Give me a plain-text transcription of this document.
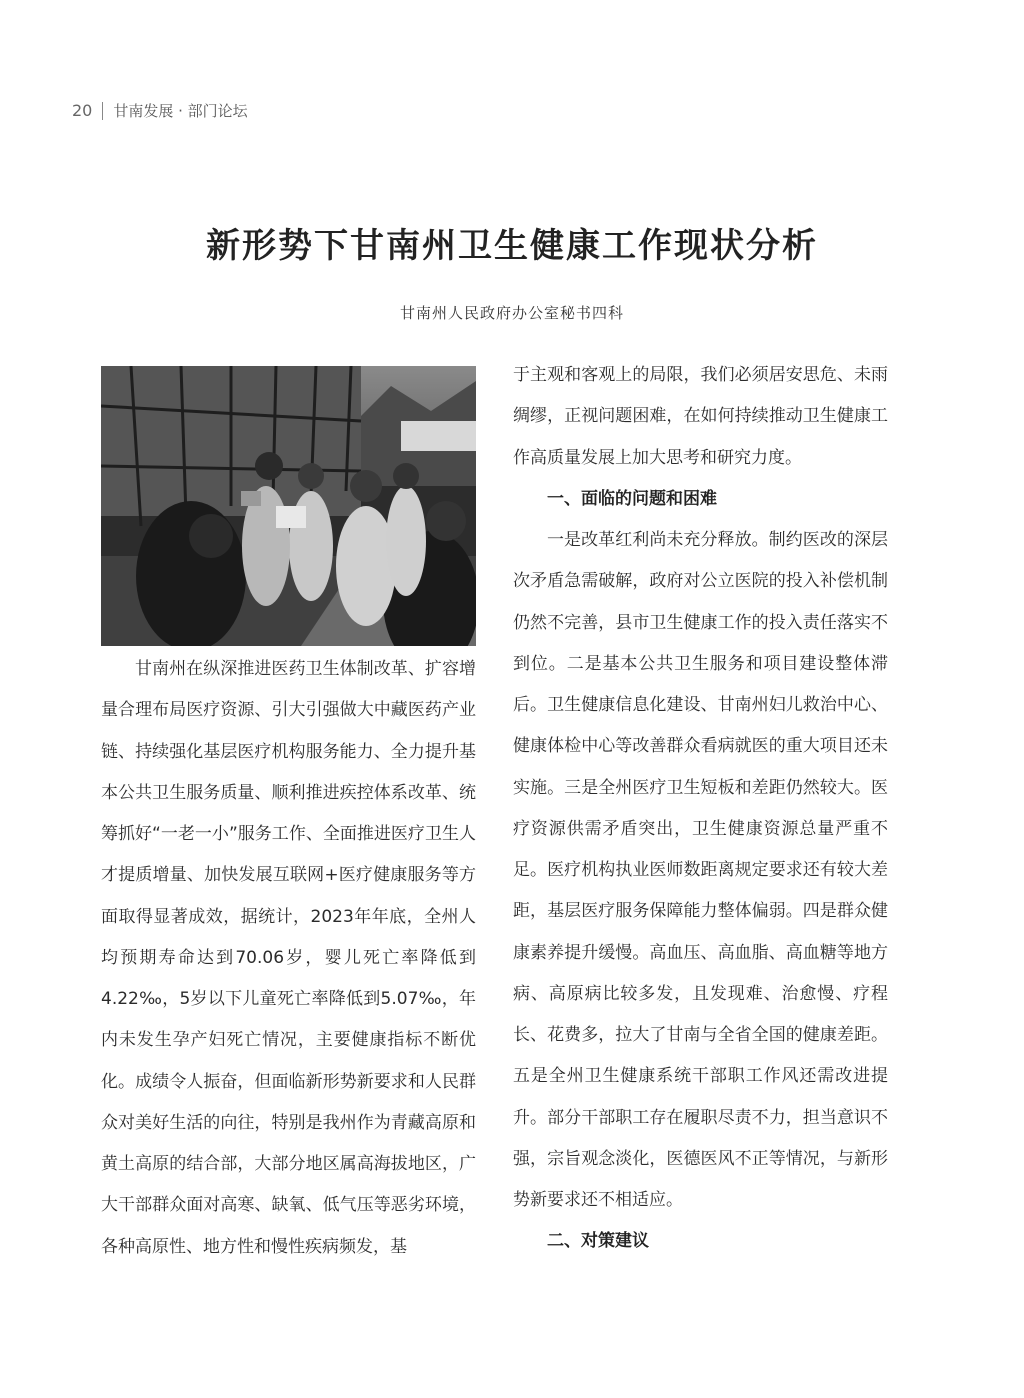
20 甘南发展 · 部门论坛
新形势下甘南州卫生健康工作现状分析
甘南州人民政府办公室秘书四科

甘南州在纵深推进医药卫生体制改革、扩容增量合理布局医疗资源、引大引强做大中藏医药产业链、持续强化基层医疗机构服务能力、全力提升基本公共卫生服务质量、顺利推进疾控体系改革、统筹抓好“一老一小”服务工作、全面推进医疗卫生人才提质增量、加快发展互联网+医疗健康服务等方面取得显著成效，据统计，2023年年底，全州人均预期寿命达到70.06岁，婴儿死亡率降低到4.22‰，5岁以下儿童死亡率降低到5.07‰，年内未发生孕产妇死亡情况，主要健康指标不断优化。成绩令人振奋，但面临新形势新要求和人民群众对美好生活的向往，特别是我州作为青藏高原和黄土高原的结合部，大部分地区属高海拔地区，广大干部群众面对高寒、缺氧、低气压等恶劣环境，各种高原性、地方性和慢性疾病频发，基

于主观和客观上的局限，我们必须居安思危、未雨绸缪，正视问题困难，在如何持续推动卫生健康工作高质量发展上加大思考和研究力度。

一、面临的问题和困难

一是改革红利尚未充分释放。制约医改的深层次矛盾急需破解，政府对公立医院的投入补偿机制仍然不完善，县市卫生健康工作的投入责任落实不到位。二是基本公共卫生服务和项目建设整体滞后。卫生健康信息化建设、甘南州妇儿救治中心、健康体检中心等改善群众看病就医的重大项目还未实施。三是全州医疗卫生短板和差距仍然较大。医疗资源供需矛盾突出，卫生健康资源总量严重不足。医疗机构执业医师数距离规定要求还有较大差距，基层医疗服务保障能力整体偏弱。四是群众健康素养提升缓慢。高血压、高血脂、高血糖等地方病、高原病比较多发，且发现难、治愈慢、疗程长、花费多，拉大了甘南与全省全国的健康差距。五是全州卫生健康系统干部职工作风还需改进提升。部分干部职工存在履职尽责不力，担当意识不强，宗旨观念淡化，医德医风不正等情况，与新形势新要求还不相适应。

二、对策建议
